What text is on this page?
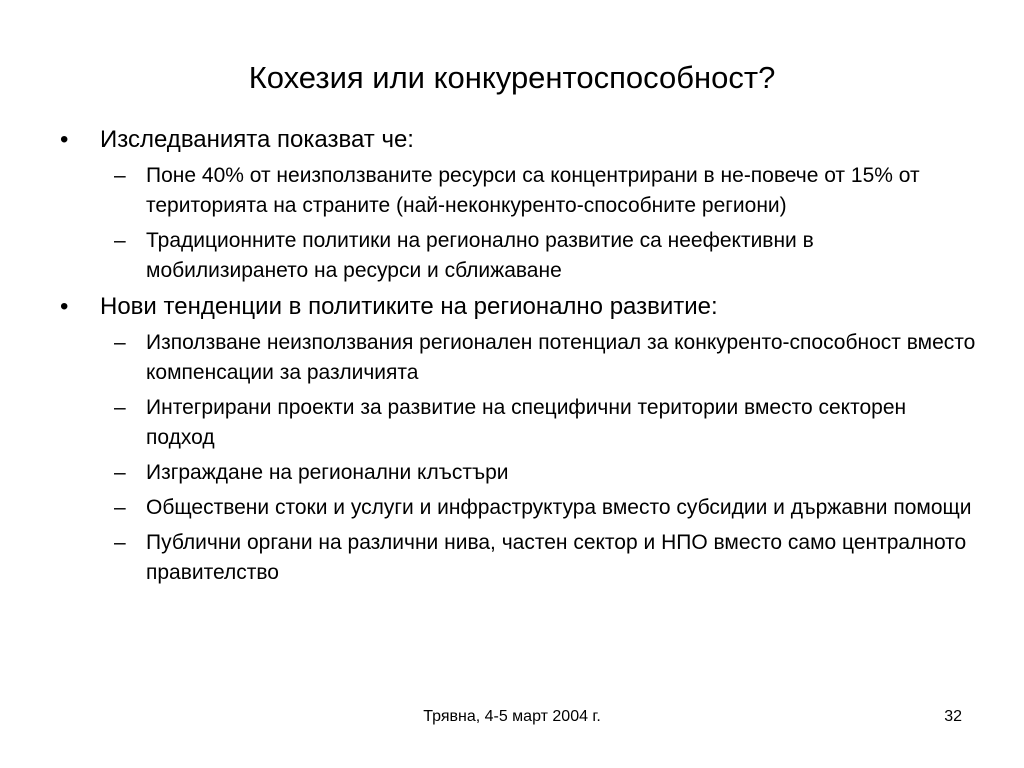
Кохезия или конкурентоспособност?
• Изследванията показват че:
– Поне 40% от неизползваните ресурси са концентрирани в не-повече от 15% от територията на страните (най-неконкуренто-способните региони)
– Традиционните политики на регионално развитие са неефективни в мобилизирането на ресурси и сближаване
• Нови тенденции в политиките на регионално развитие:
– Използване неизползвания регионален потенциал за конкуренто-способност вместо компенсации за различията
– Интегрирани проекти за развитие на специфични територии вместо секторен подход
– Изграждане на регионални клъстъри
– Обществени стоки и услуги и инфраструктура вместо субсидии и държавни помощи
– Публични органи на различни нива, частен сектор и НПО вместо само централното правителство
Трявна, 4-5 март 2004 г.	32
